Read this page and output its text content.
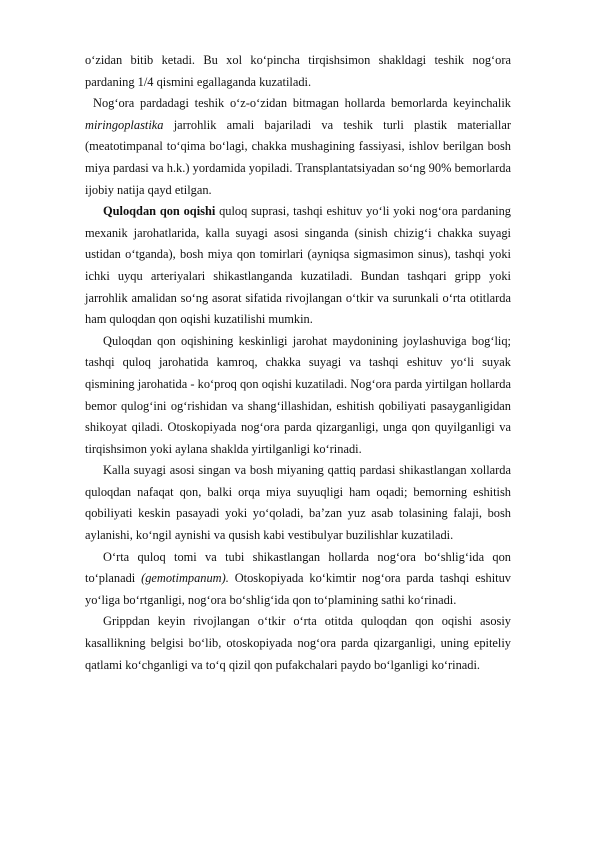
o‘zidan bitib ketadi. Bu xol ko‘pincha tirqishsimon shakldagi teshik nog‘ora pardaning 1/4 qismini egallaganda kuzatiladi.

Nog‘ora pardadagi teshik o‘z-o‘zidan bitmagan hollarda bemorlarda keyinchalik miringoplastika jarrohlik amali bajariladi va teshik turli plastik materiallar (meatotimpanal to‘qima bo‘lagi, chakka mushagining fassiyasi, ishlov berilgan bosh miya pardasi va h.k.) yordamida yopiladi. Transplantatsiyadan so‘ng 90% bemorlarda ijobiy natija qayd etilgan.

Quloqdan qon oqishi quloq suprasi, tashqi eshituv yo‘li yoki nog‘ora pardaning mexanik jarohatlarida, kalla suyagi asosi singanda (sinish chizig‘i chakka suyagi ustidan o‘tganda), bosh miya qon tomirlari (ayniqsa sigmasimon sinus), tashqi yoki ichki uyqu arteriyalari shikastlanganda kuzatiladi. Bundan tashqari gripp yoki jarrohlik amalidan so‘ng asorat sifatida rivojlangan o‘tkir va surunkali o‘rta otitlarda ham quloqdan qon oqishi kuzatilishi mumkin.

Quloqdan qon oqishining keskinligi jarohat maydonining joylashuviga bog‘liq; tashqi quloq jarohatida kamroq, chakka suyagi va tashqi eshituv yo‘li suyak qismining jarohatida - ko‘proq qon oqishi kuzatiladi. Nog‘ora parda yirtilgan hollarda bemor qulog‘ini og‘rishidan va shang‘illashidan, eshitish qobiliyati pasayganligidan shikoyat qiladi. Otoskopiyada nog‘ora parda qizarganligi, unga qon quyilganligi va tirqishsimon yoki aylana shaklda yirtilganligi ko‘rinadi.

Kalla suyagi asosi singan va bosh miyaning qattiq pardasi shikastlangan xollarda quloqdan nafaqat qon, balki orqa miya suyuqligi ham oqadi; bemorning eshitish qobiliyati keskin pasayadi yoki yo‘qoladi, ba’zan yuz asab tolasining falaji, bosh aylanishi, ko‘ngil aynishi va qusish kabi vestibulyar buzilishlar kuzatiladi.

O‘rta quloq tomi va tubi shikastlangan hollarda nog‘ora bo‘shlig‘ida qon to‘planadi (gemotimpanum). Otoskopiyada ko‘kimtir nog‘ora parda tashqi eshituv yo‘liga bo‘rtganligi, nog‘ora bo‘shlig‘ida qon to‘plamining sathi ko‘rinadi.

Grippdan keyin rivojlangan o‘tkir o‘rta otitda quloqdan qon oqishi asosiy kasallikning belgisi bo‘lib, otoskopiyada nog‘ora parda qizarganligi, uning epiteliy qatlami ko‘chganligi va to‘q qizil qon pufakchalari paydo bo‘lganligi ko‘rinadi.
